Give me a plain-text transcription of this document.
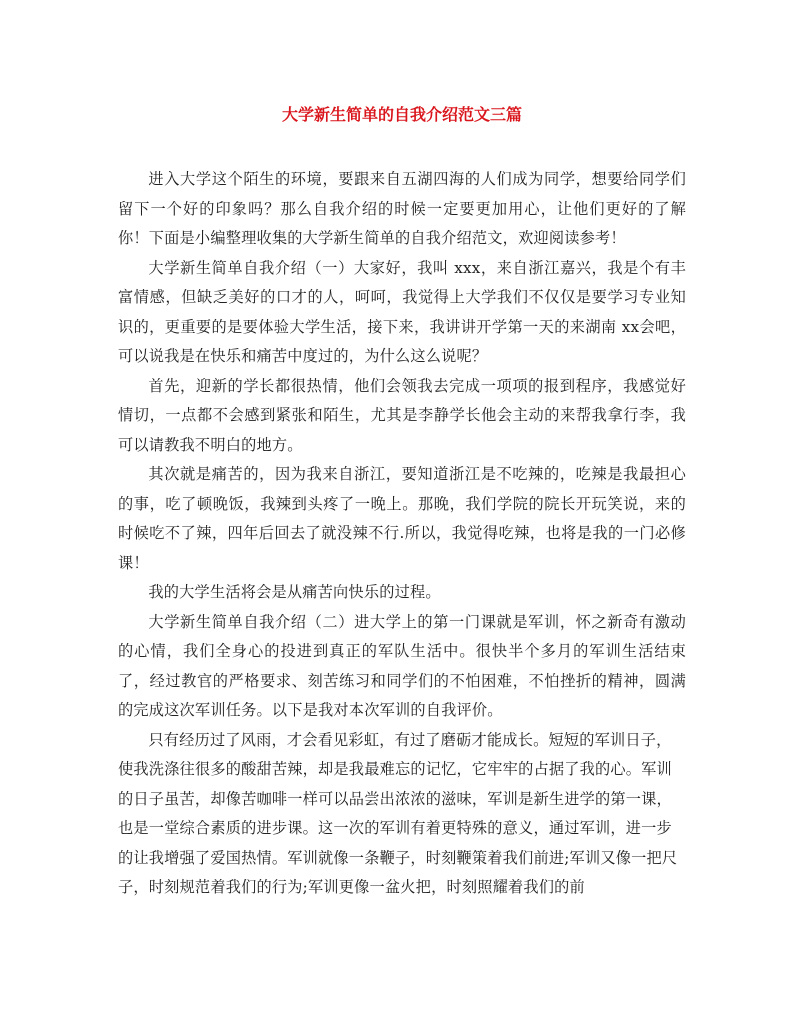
大学新生简单的自我介绍范文三篇

进入大学这个陌生的环境，要跟来自五湖四海的人们成为同学，想要给同学们留下一个好的印象吗？那么自我介绍的时候一定要更加用心，让他们更好的了解你！下面是小编整理收集的大学新生简单的自我介绍范文，欢迎阅读参考！

大学新生简单自我介绍（一）大家好，我叫 xxx，来自浙江嘉兴，我是个有丰富情感，但缺乏美好的口才的人，呵呵，我觉得上大学我们不仅仅是要学习专业知识的，更重要的是要体验大学生活，接下来，我讲讲开学第一天的来湖南 xx会吧，可以说我是在快乐和痛苦中度过的，为什么这么说呢？

首先，迎新的学长都很热情，他们会领我去完成一项项的报到程序，我感觉好情切，一点都不会感到紧张和陌生，尤其是李静学长他会主动的来帮我拿行李，我可以请教我不明白的地方。

其次就是痛苦的，因为我来自浙江，要知道浙江是不吃辣的，吃辣是我最担心的事，吃了顿晚饭，我辣到头疼了一晚上。那晚，我们学院的院长开玩笑说，来的时候吃不了辣，四年后回去了就没辣不行.所以，我觉得吃辣，也将是我的一门必修课！

我的大学生活将会是从痛苦向快乐的过程。

大学新生简单自我介绍（二）进大学上的第一门课就是军训，怀之新奇有激动的心情，我们全身心的投进到真正的军队生活中。很快半个多月的军训生活结束了，经过教官的严格要求、刻苦练习和同学们的不怕困难，不怕挫折的精神，圆满的完成这次军训任务。以下是我对本次军训的自我评价。

只有经历过了风雨，才会看见彩虹，有过了磨砺才能成长。短短的军训日子，使我洗涤往很多的酸甜苦辣，却是我最难忘的记忆，它牢牢的占据了我的心。军训的日子虽苦，却像苦咖啡一样可以品尝出浓浓的滋味，军训是新生进学的第一课，也是一堂综合素质的进步课。这一次的军训有着更特殊的意义，通过军训，进一步的让我增强了爱国热情。军训就像一条鞭子，时刻鞭策着我们前进;军训又像一把尺子，时刻规范着我们的行为;军训更像一盆火把，时刻照耀着我们的前
